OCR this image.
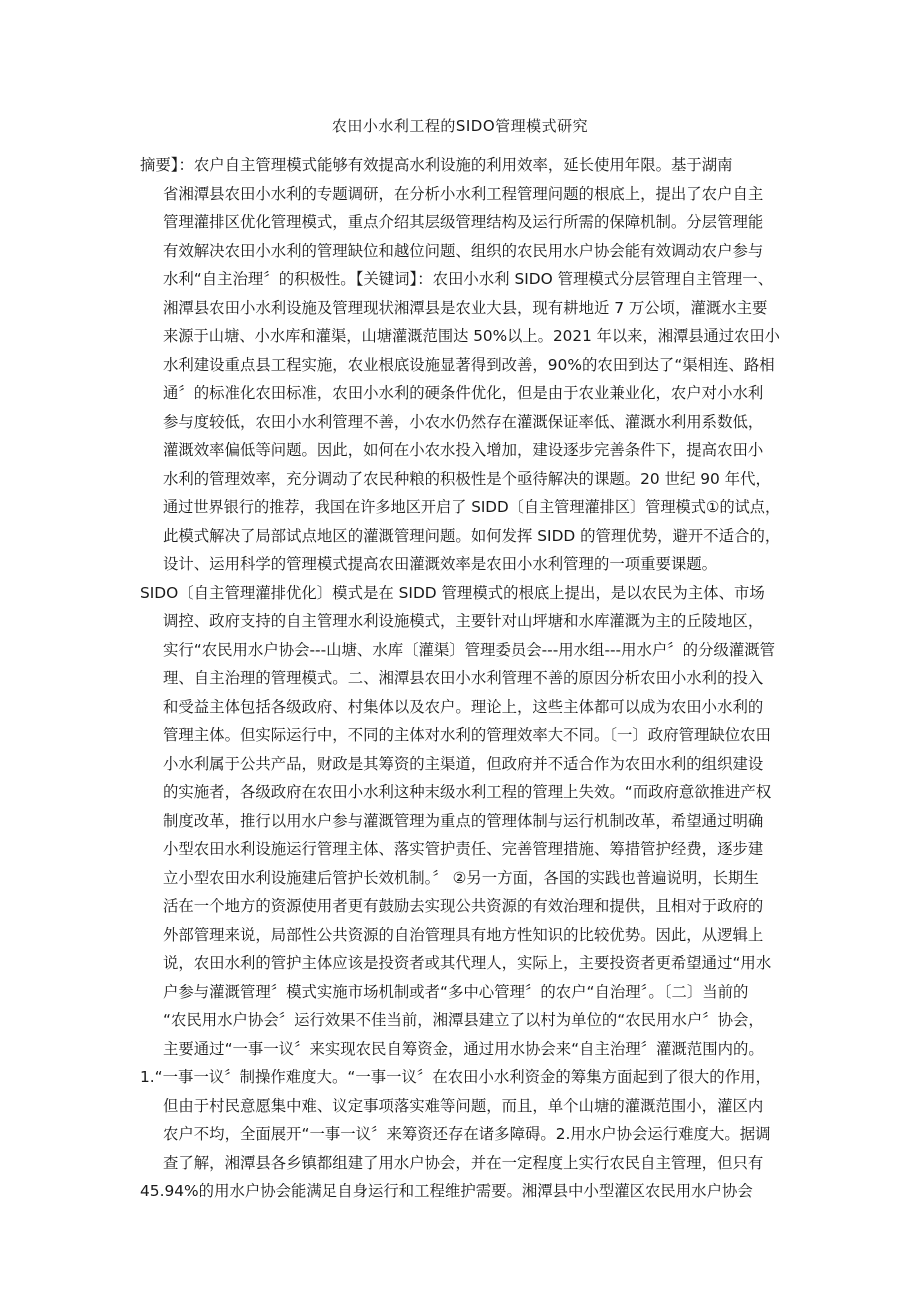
农田小水利工程的SIDO管理模式研究
摘要】：农户自主管理模式能够有效提高水利设施的利用效率，延长使用年限。基于湖南
省湘潭县农田小水利的专题调研，在分析小水利工程管理问题的根底上，提出了农户自主
管理灌排区优化管理模式，重点介绍其层级管理结构及运行所需的保障机制。分层管理能
有效解决农田小水利的管理缺位和越位问题、组织的农民用水户协会能有效调动农户参与
水利“自主治理〞的积极性。【关键词】：农田小水利 SIDO 管理模式分层管理自主管理一、
湘潭县农田小水利设施及管理现状湘潭县是农业大县，现有耕地近 7 万公顷，灌溉水主要
来源于山塘、小水库和灌渠，山塘灌溉范围达 50%以上。2021 年以来，湘潭县通过农田小
水利建设重点县工程实施，农业根底设施显著得到改善，90%的农田到达了“渠相连、路相
通〞的标准化农田标准，农田小水利的硬条件优化，但是由于农业兼业化，农户对小水利
参与度较低，农田小水利管理不善，小农水仍然存在灌溉保证率低、灌溉水利用系数低，
灌溉效率偏低等问题。因此，如何在小农水投入增加，建设逐步完善条件下，提高农田小
水利的管理效率，充分调动了农民种粮的积极性是个亟待解决的课题。20 世纪 90 年代，
通过世界银行的推荐，我国在许多地区开启了 SIDD〔自主管理灌排区〕管理模式①的试点，
此模式解决了局部试点地区的灌溉管理问题。如何发挥 SIDD 的管理优势，避开不适合的，
设计、运用科学的管理模式提高农田灌溉效率是农田小水利管理的一项重要课题。
SIDO〔自主管理灌排优化〕模式是在 SIDD 管理模式的根底上提出，是以农民为主体、市场
调控、政府支持的自主管理水利设施模式，主要针对山坪塘和水库灌溉为主的丘陵地区，
实行“农民用水户协会---山塘、水库〔灌渠〕管理委员会---用水组---用水户〞的分级灌溉管
理、自主治理的管理模式。二、湘潭县农田小水利管理不善的原因分析农田小水利的投入
和受益主体包括各级政府、村集体以及农户。理论上，这些主体都可以成为农田小水利的
管理主体。但实际运行中，不同的主体对水利的管理效率大不同。〔一〕政府管理缺位农田
小水利属于公共产品，财政是其筹资的主渠道，但政府并不适合作为农田水利的组织建设
的实施者，各级政府在农田小水利这种末级水利工程的管理上失效。“而政府意欲推进产权
制度改革，推行以用水户参与灌溉管理为重点的管理体制与运行机制改革，希望通过明确
小型农田水利设施运行管理主体、落实管护责任、完善管理措施、筹措管护经费，逐步建
立小型农田水利设施建后管护长效机制。〞 ②另一方面，各国的实践也普遍说明，长期生
活在一个地方的资源使用者更有鼓励去实现公共资源的有效治理和提供，且相对于政府的
外部管理来说，局部性公共资源的自治管理具有地方性知识的比较优势。因此，从逻辑上
说，农田水利的管护主体应该是投资者或其代理人，实际上，主要投资者更希望通过“用水
户参与灌溉管理〞模式实施市场机制或者“多中心管理〞的农户“自治理〞。〔二〕当前的
“农民用水户协会〞运行效果不佳当前，湘潭县建立了以村为单位的“农民用水户〞协会，
主要通过“一事一议〞来实现农民自筹资金，通过用水协会来“自主治理〞灌溉范围内的。
1.“一事一议〞制操作难度大。“一事一议〞在农田小水利资金的筹集方面起到了很大的作用，
但由于村民意愿集中难、议定事项落实难等问题，而且，单个山塘的灌溉范围小，灌区内
农户不均，全面展开“一事一议〞来筹资还存在诸多障碍。2.用水户协会运行难度大。据调
查了解，湘潭县各乡镇都组建了用水户协会，并在一定程度上实行农民自主管理，但只有
45.94%的用水户协会能满足自身运行和工程维护需要。湘潭县中小型灌区农民用水户协会
